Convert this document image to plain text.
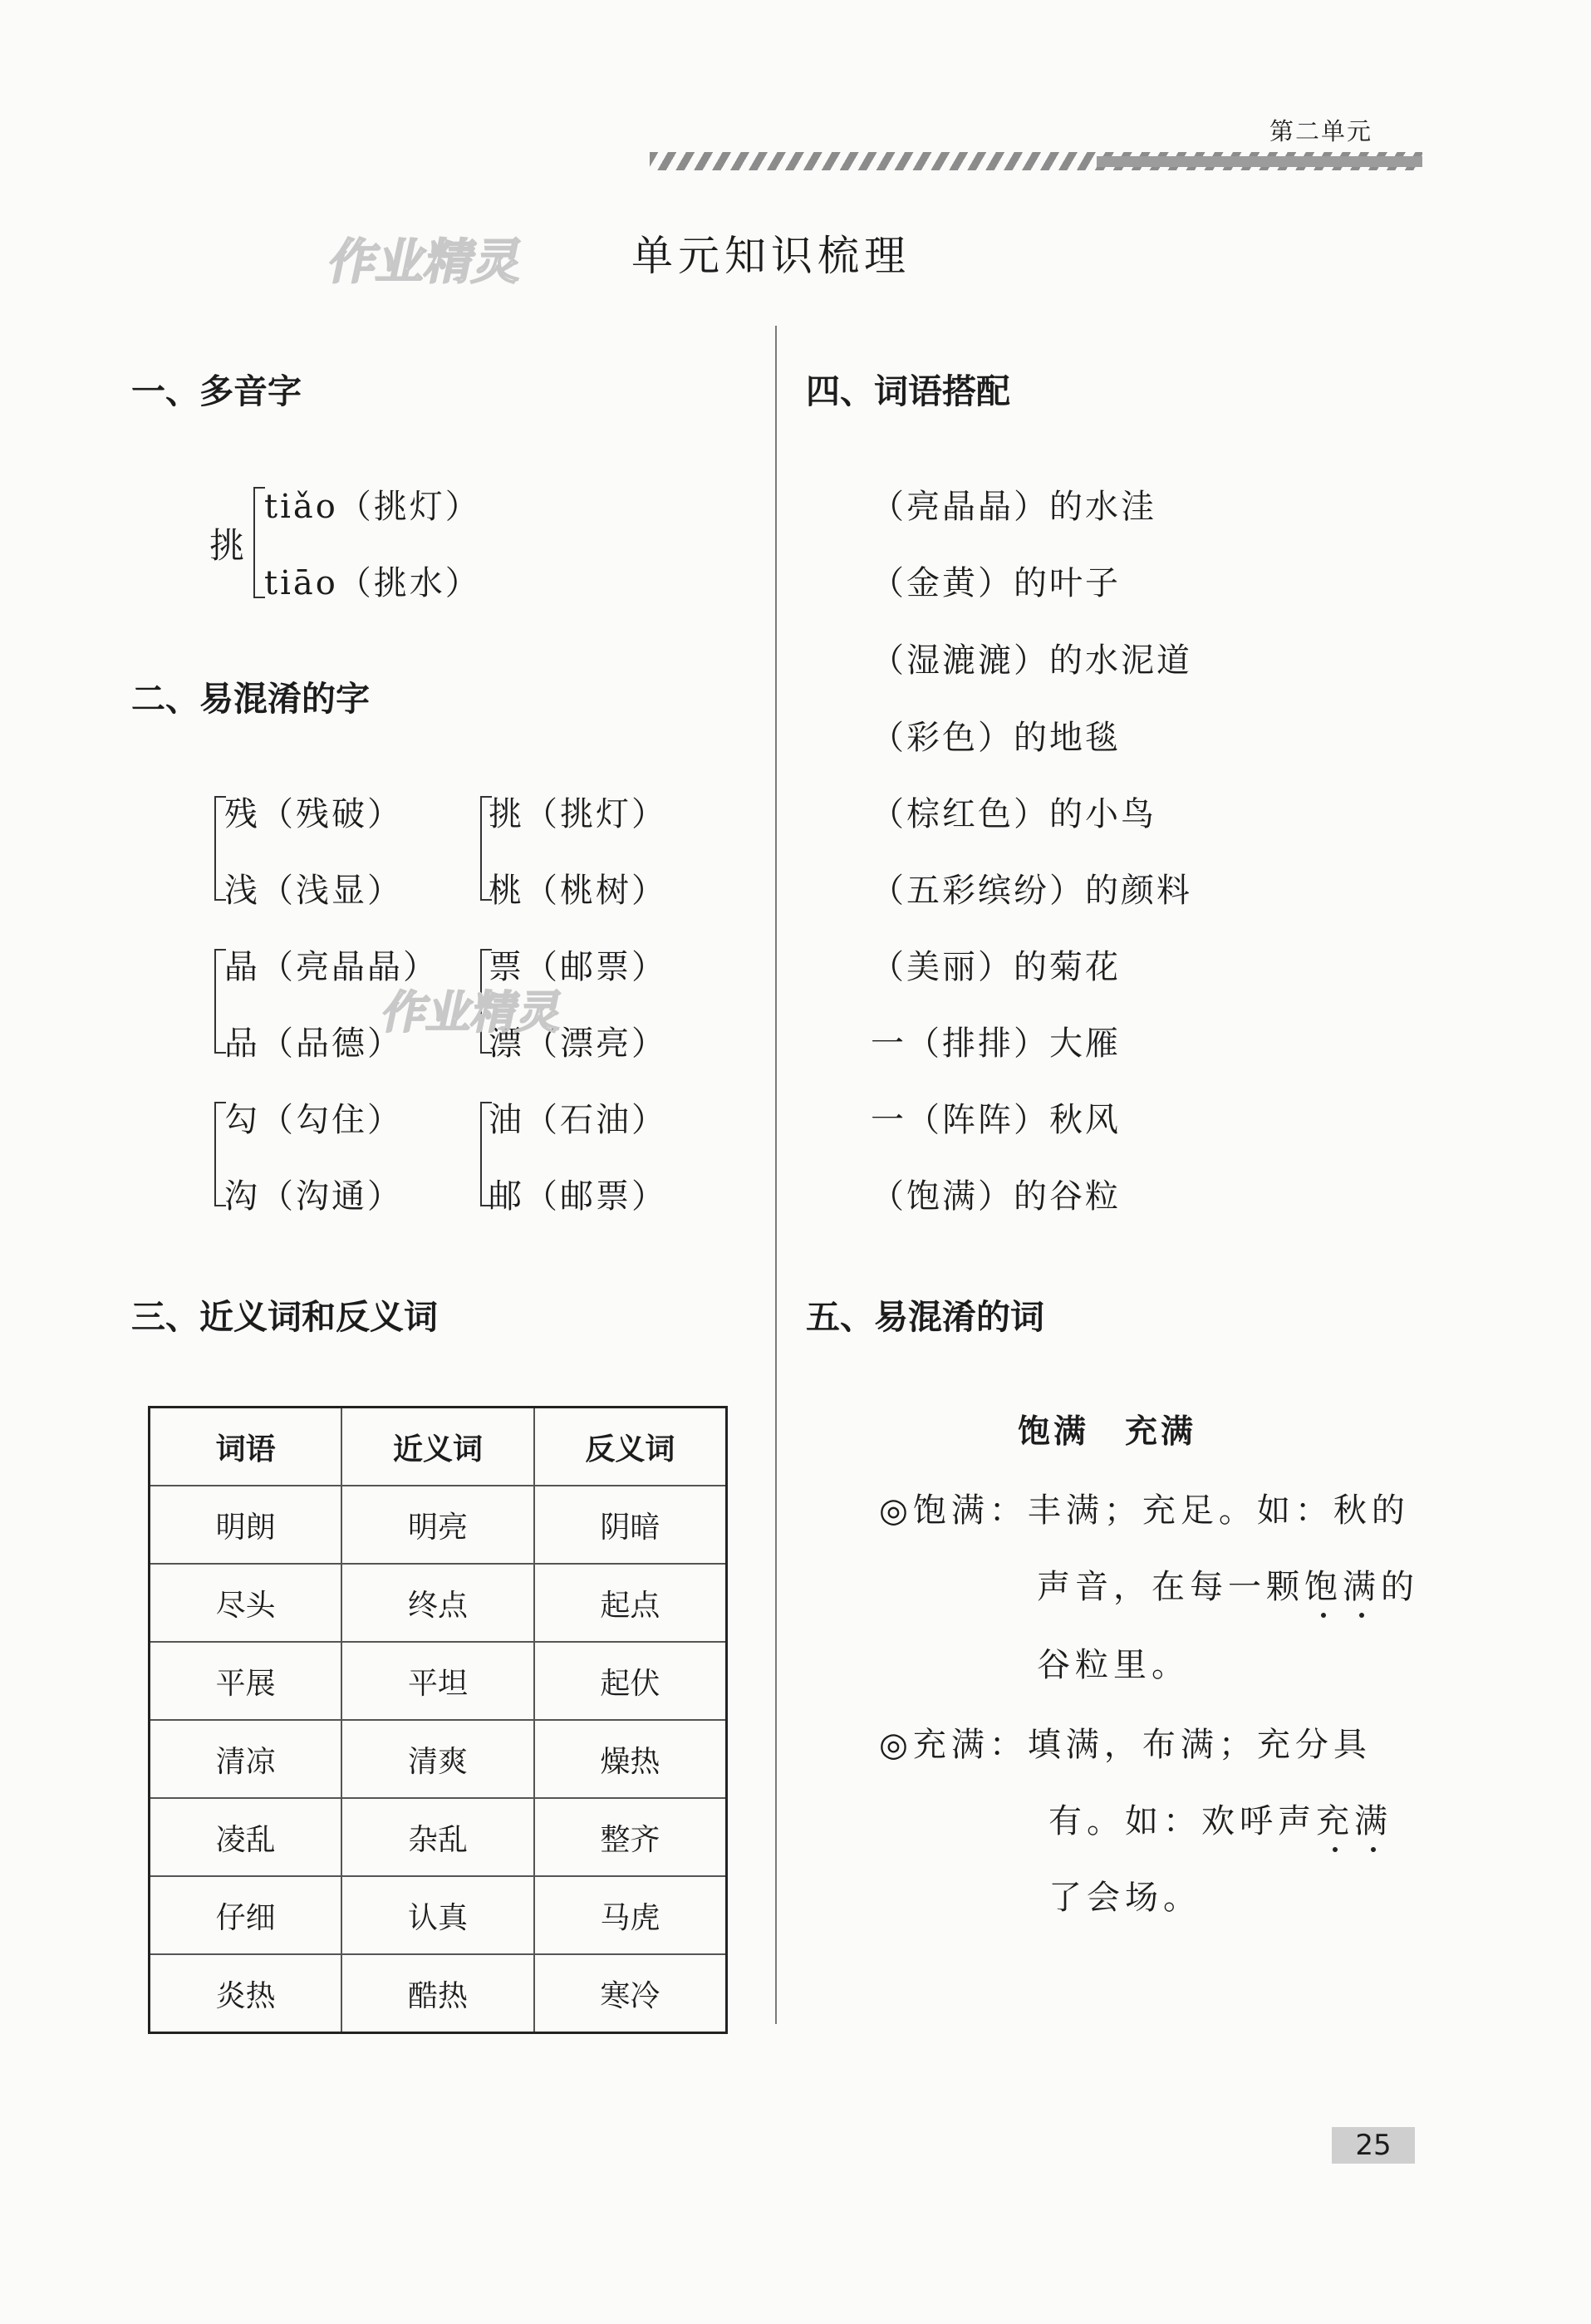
第二单元
作业精灵 单元知识梳理
一、多音字
挑
tiǎo（挑灯）
tiāo（挑水）
二、易混淆的字
残（残破）
浅（浅显）
挑（挑灯）
桃（桃树）
晶（亮晶晶）
品（品德）
票（邮票）
漂（漂亮）
作业精灵
勾（勾住）
沟（沟通）
油（石油）
邮（邮票）
三、近义词和反义词
词语	近义词	反义词
明朗	明亮	阴暗
尽头	终点	起点
平展	平坦	起伏
清凉	清爽	燥热
凌乱	杂乱	整齐
仔细	认真	马虎
炎热	酷热	寒冷
四、词语搭配
（亮晶晶）的水洼
（金黄）的叶子
（湿漉漉）的水泥道
（彩色）的地毯
（棕红色）的小鸟
（五彩缤纷）的颜料
（美丽）的菊花
一（排排）大雁
一（阵阵）秋风
（饱满）的谷粒
五、易混淆的词
饱满　充满
◎饱满：丰满；充足。如：秋的
声音，在每一颗饱满的
谷粒里。
◎充满：填满，布满；充分具
有。如：欢呼声充满
了会场。
25
